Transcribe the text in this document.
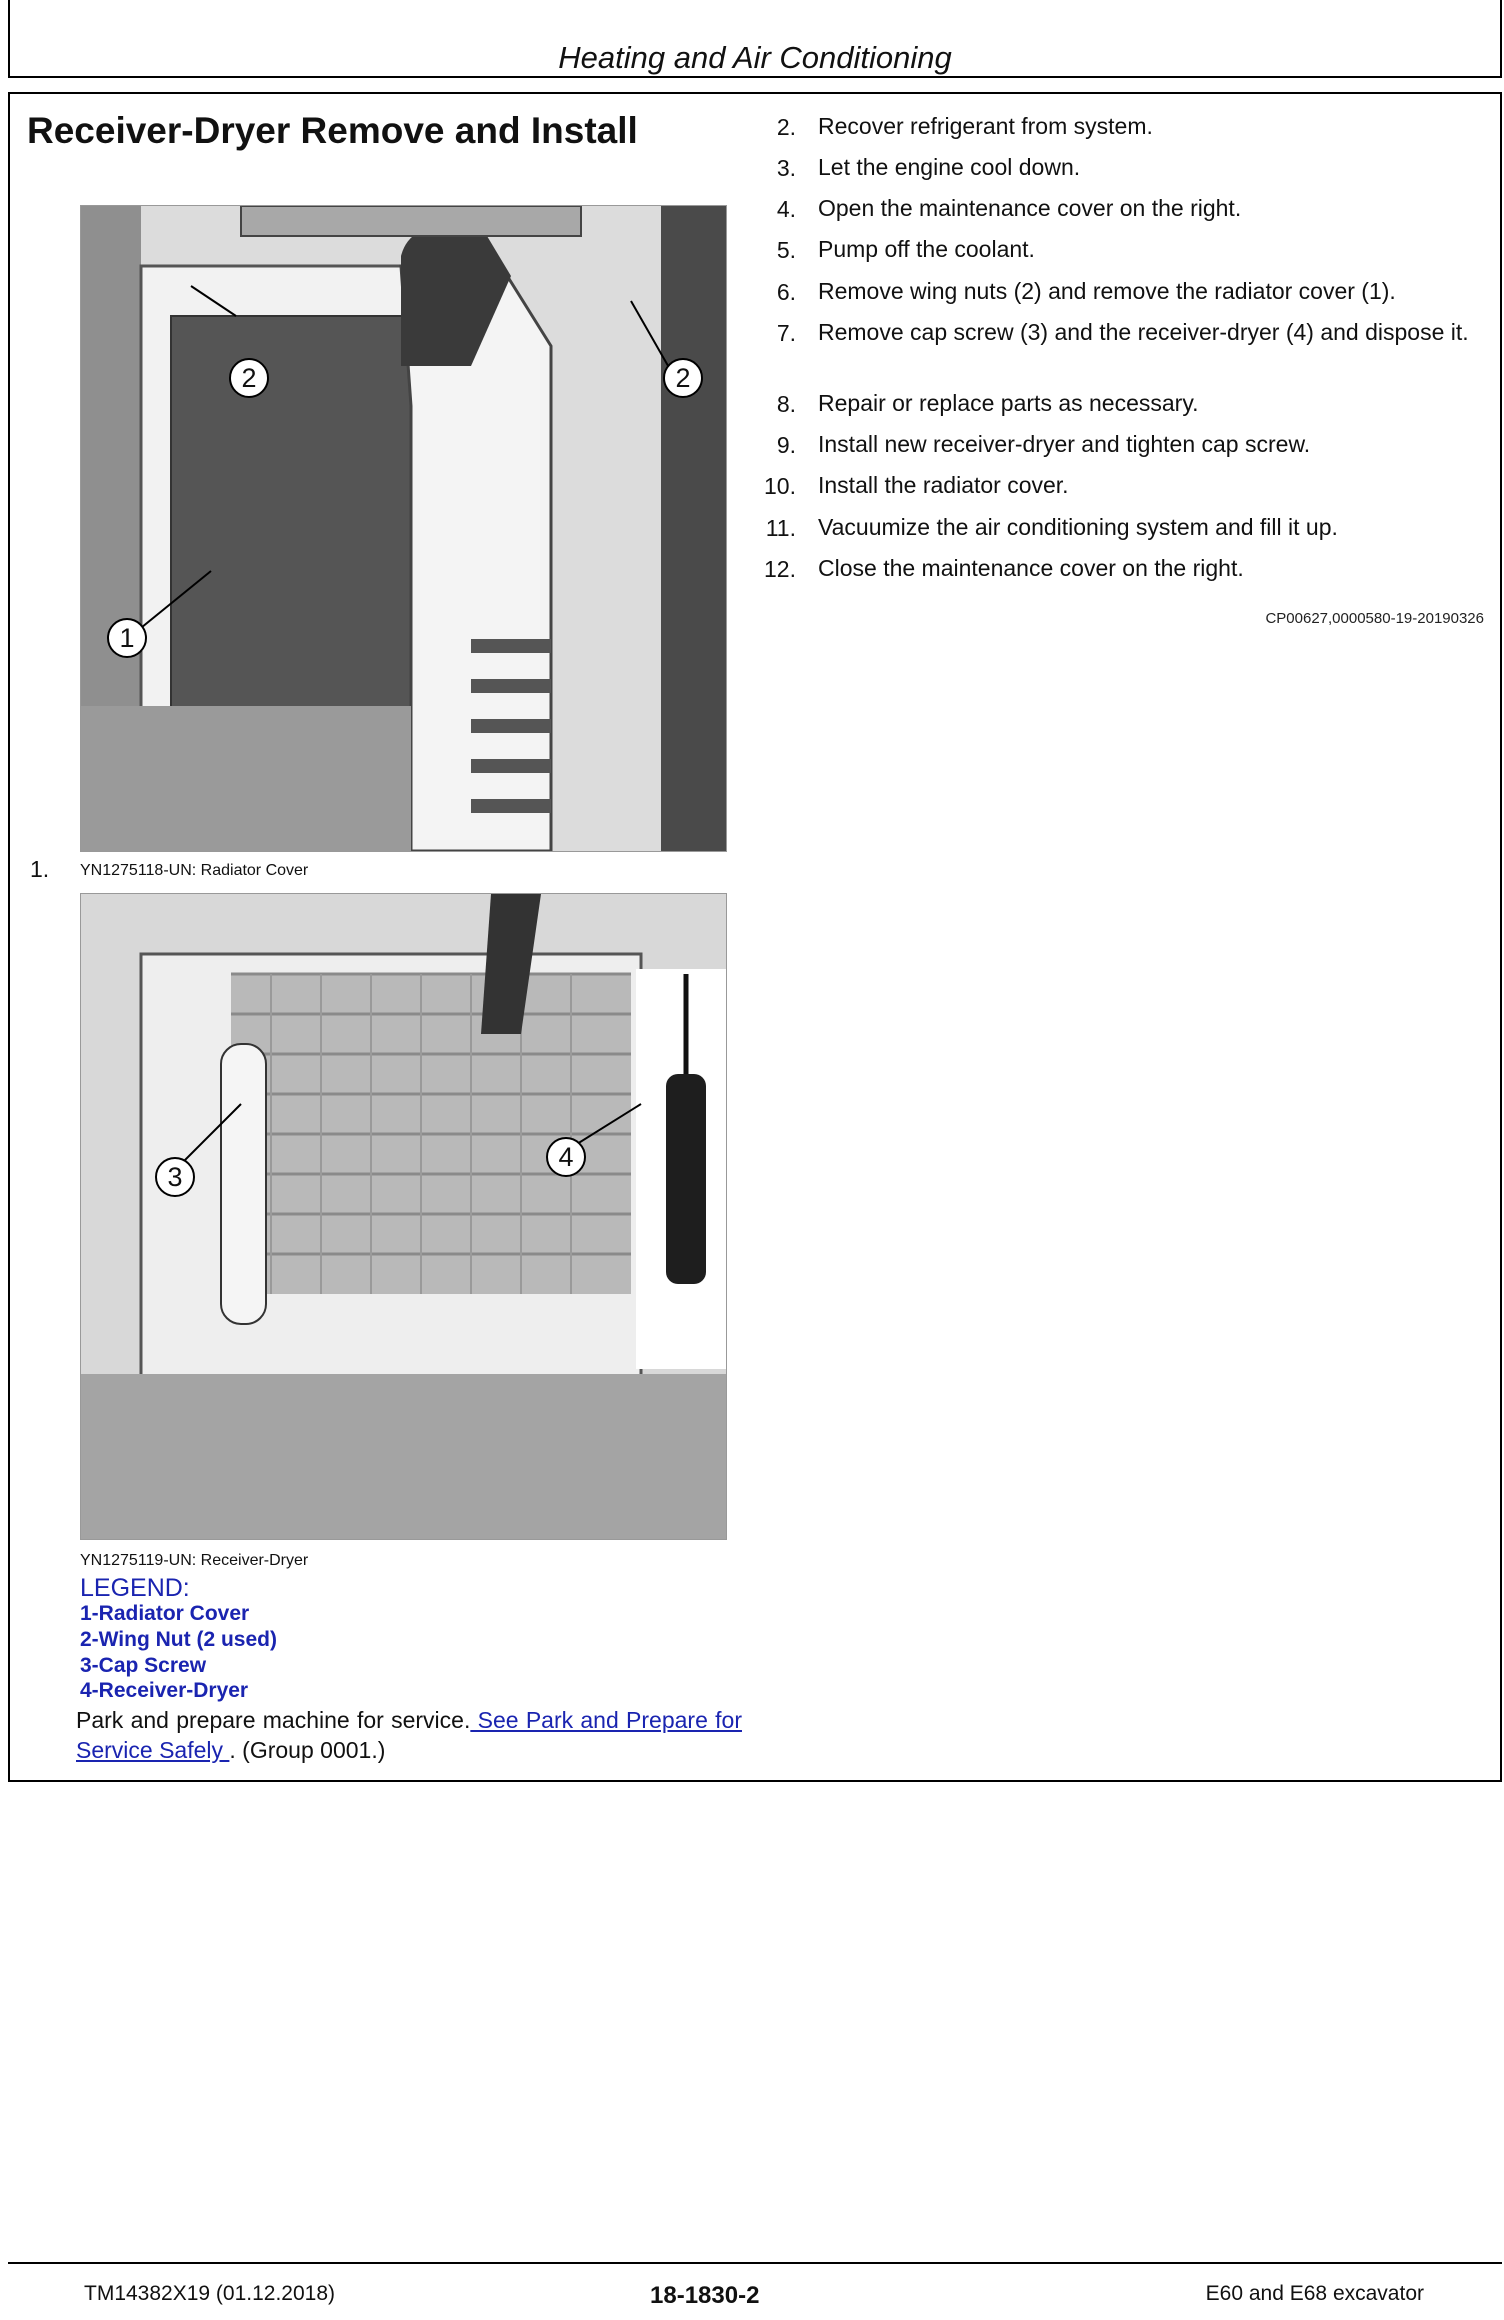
Heating and Air Conditioning
Receiver-Dryer Remove and Install
2	2
1
1. YN1275118-UN: Radiator Cover
3
4
YN1275119-UN: Receiver-Dryer
LEGEND:
1-Radiator Cover
2-Wing Nut (2 used)
3-Cap Screw
4-Receiver-Dryer
Park and prepare machine for service. See Park and Prepare for Service Safely . (Group 0001.)
2. Recover refrigerant from system.
3. Let the engine cool down.
4. Open the maintenance cover on the right.
5. Pump off the coolant.
6. Remove wing nuts (2) and remove the radiator cover (1).
7. Remove cap screw (3) and the receiver-dryer (4) and dispose it.
8. Repair or replace parts as necessary.
9. Install new receiver-dryer and tighten cap screw.
10. Install the radiator cover.
11. Vacuumize the air conditioning system and fill it up.
12. Close the maintenance cover on the right.
CP00627,0000580-19-20190326
TM14382X19 (01.12.2018)	18-1830-2	E60 and E68 excavator
